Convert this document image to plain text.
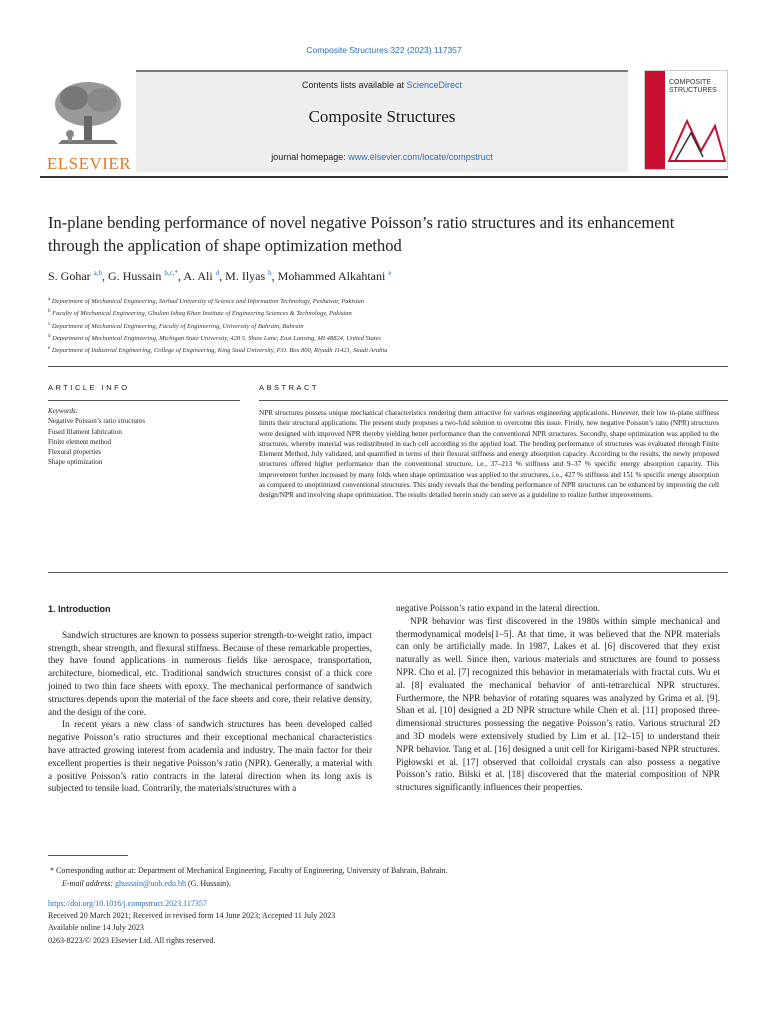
Composite Structures 322 (2023) 117357
ELSEVIER
Contents lists available at ScienceDirect
Composite Structures
journal homepage: www.elsevier.com/locate/compstruct
COMPOSITE
STRUCTURES
In-plane bending performance of novel negative Poisson’s ratio structures and its enhancement through the application of shape optimization method
S. Gohar $^{a,b}$, G. Hussain $^{b,c,*}$, A. Ali $^d$, M. Ilyas $^b$, Mohammed Alkahtani $^e$
$^a$ Department of Mechanical Engineering, Sarhad University of Science and Information Technology, Peshawar, Pakistan
$^b$ Faculty of Mechanical Engineering, Ghulam Ishaq Khan Institute of Engineering Sciences & Technology, Pakistan
$^c$ Department of Mechanical Engineering, Faculty of Engineering, University of Bahrain, Bahrain
$^d$ Department of Mechanical Engineering, Michigan State University, 428 S. Shaw Lane, East Lansing, MI 48824, United States
$^e$ Department of Industrial Engineering, College of Engineering, King Saud University, P.O. Box 800, Riyadh 11421, Saudi Arabia
ARTICLE INFO	ABSTRACT
Keywords:
Negative Poisson’s ratio structures
Fused filament fabrication
Finite element method
Flexural properties
Shape optimization
NPR structures possess unique mechanical characteristics rendering them attractive for various engineering applications. However, their low in-plane stiffness limits their structural applications. The present study proposes a two-fold solution to overcome this issue. Firstly, new negative Poisson’s ratio (NPR) structures were designed with improved NPR thereby yielding better performance than the conventional NPR structures. Secondly, shape optimization was applied to the structures, whereby material was redistributed in each cell according to the applied load. The bending performance of structures was evaluated through Finite Element Method, July validated, and quantified in terms of their flexural stiffness and energy absorption capacity. According to the results, the newly proposed structures offered higher performance than the conventional structure, i.e., 37–213 % stiffness and 9–37 % specific energy absorption capacity. This improvement further increased by many folds when shape optimization was applied to the structures, i.e., 427 % stiffness and 151 % specific energy absorption as compared to unoptimized conventional structures. This study reveals that the bending performance of NPR structures can be enhanced by improving the cell design/NPR and involving shape optimization. The results detailed herein study can serve as a guideline to realize further improvements.
1. Introduction

Sandwich structures are known to possess superior strength-to-weight ratio, impact strength, shear strength, and flexural stiffness. Because of these remarkable properties, they have found applications in numerous fields like aerospace, transportation, architecture, biomedical, etc. Traditional sandwich structures consist of a thick core joined to two thin face sheets with epoxy. The mechanical performance of sandwich structures depends upon the material of the face sheets and core, their relative density, and the design of the core.

In recent years a new class of sandwich structures has been developed called negative Poisson’s ratio structures and their exceptional mechanical characteristics have attracted growing interest from academia and industry. The main factor for their excellent properties is their negative Poisson’s ratio (NPR). Generally, a material with a positive Poisson’s ratio contracts in the lateral direction when its long axis is subjected to tensile load. Contrarily, the materials/structures with a

negative Poisson’s ratio expand in the lateral direction.

NPR behavior was first discovered in the 1980s within simple mechanical and thermodynamical models[1–5]. At that time, it was believed that the NPR materials can only be artificially made. In 1987, Lakes et al. [6] discovered that they exist naturally as well. Since then, various materials and structures are found to possess NPR. Cho et al. [7] recognized this behavior in metamaterials with fractal cuts. Wu et al. [8] evaluated the mechanical behavior of anti-tetrarchical NPR structures. Furthermore, the NPR behavior of rotating squares was analyzed by Grima et al. [9]. Shan et al. [10] designed a 2D NPR structure while Chen et al. [11] proposed three-dimensional structures possessing the negative Poisson’s ratio. Various structural 2D and 3D models were extensively studied by Lim et al. [12–15] to understand their NPR behavior. Tang et al. [16] designed a unit cell for Kirigami-based NPR structures. Pigłowski et al. [17] observed that colloidal crystals can also possess a negative Poisson’s ratio. Bilski et al. [18] discovered that the material composition of NPR structures significantly influences their properties.

* Corresponding author at: Department of Mechanical Engineering, Faculty of Engineering, University of Bahrain, Bahrain.
E-mail address: ghussain@uob.edu.bh (G. Hussain).
https://doi.org/10.1016/j.compstruct.2023.117357
Received 20 March 2021; Received in revised form 14 June 2023; Accepted 11 July 2023
Available online 14 July 2023
0263-8223/© 2023 Elsevier Ltd. All rights reserved.
